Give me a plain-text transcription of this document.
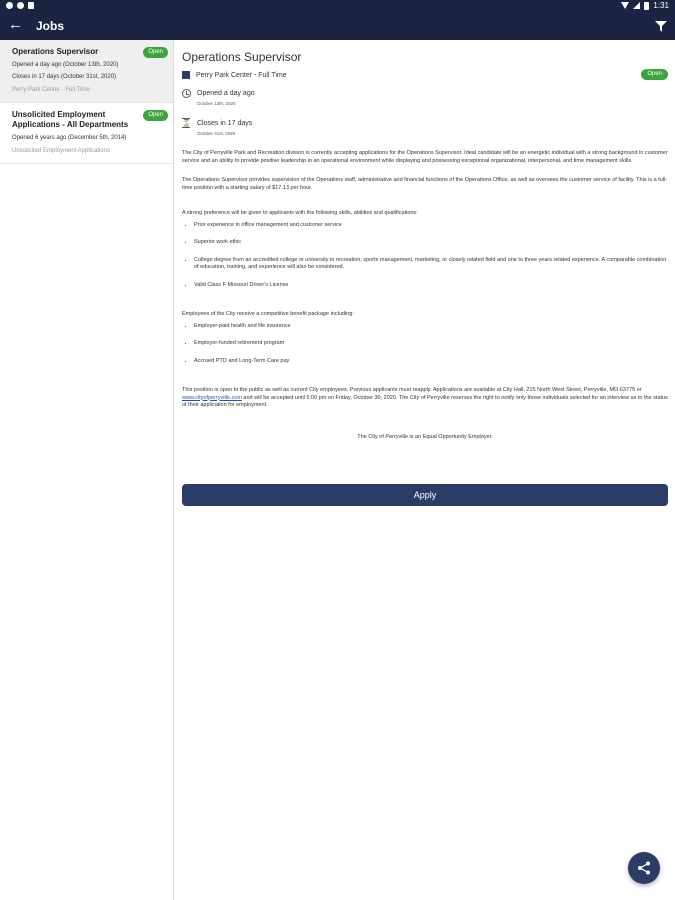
1:31
← Jobs
Operations Supervisor	Open
Opened a day ago (October 13th, 2020)
Closes in 17 days (October 31st, 2020)
Perry Park Center - Full Time
Unsolicited Employment Applications - All Departments
Open
Opened 6 years ago (December 5th, 2014)
Unsolicited Employment Applications
Operations Supervisor
Perry Park Center - Full Time	Open
Opened a day ago
October 13th, 2020
⌛
Closes in 17 days
October 31st, 2020

The City of Perryville Park and Recreation division is currently accepting applications for the Operations Supervisor. Ideal candidate will be an energetic individual with a strong background in customer service and an ability to provide positive leadership in an operational environment while displaying and possessing exceptional organizational, interpersonal, and time management skills.

The Operations Supervisor provides supervision of the Operations staff, administrative and financial functions of the Operations Office, as well as oversees the customer service of facility. This is a full-time position with a starting salary of $17.13 per hour.

A strong preference will be given to applicants with the following skills, abilities and qualifications:

• Prior experience in office management and customer service
• Superior work ethic
• College degree from an accredited college or university in recreation, sports management, marketing, or closely related field and one to three years related experience. A comparable combination of education, training, and experience will also be considered.
• Valid Class F Missouri Driver's License

Employees of the City receive a competitive benefit package including:

• Employer-paid health and life insurance
• Employer-funded retirement program
• Accrued PTO and Long-Term Care pay

This position is open to the public as well as current City employees. Previous applicants must reapply. Applications are available at City Hall, 215 North West Street, Perryville, MO 63775 or www.cityofperryville.com and will be accepted until 5:00 pm on Friday, October 30, 2020. The City of Perryville reserves the right to notify only those individuals selected for an interview as to the status of their application for employment.

The City of Perryville is an Equal Opportunity Employer.

Apply
